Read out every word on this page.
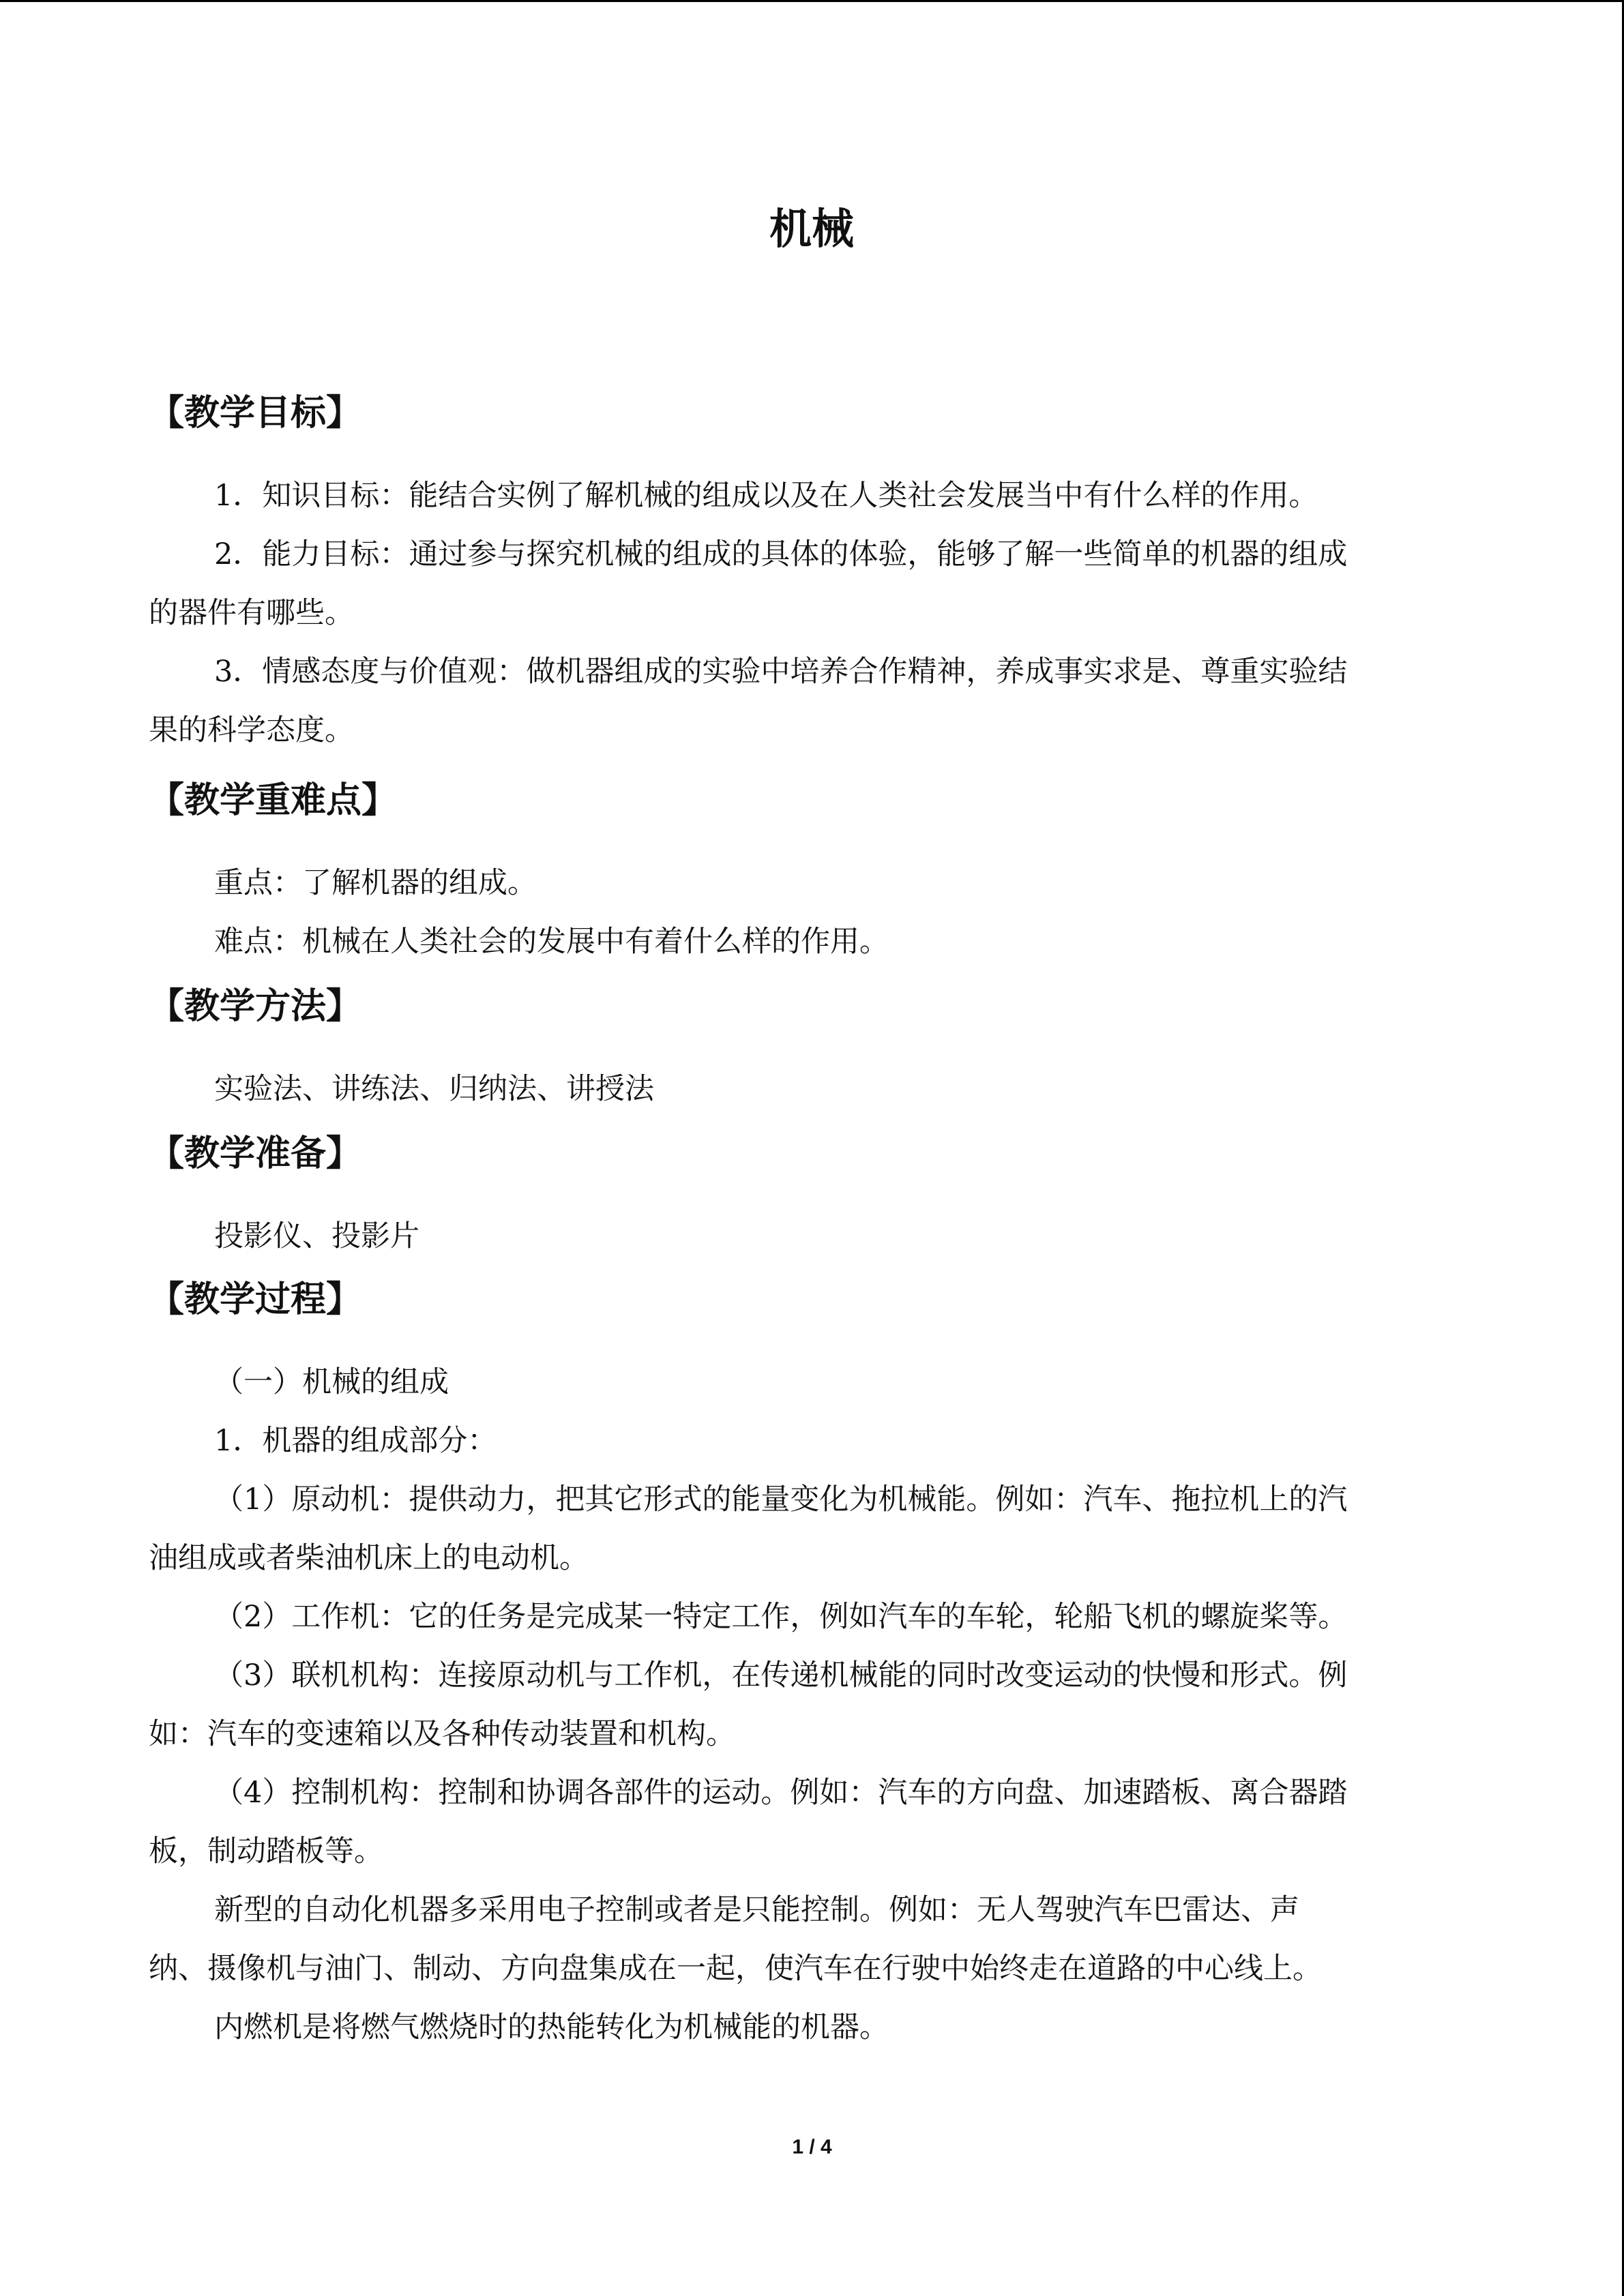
机械
【教学目标】
1．知识目标：能结合实例了解机械的组成以及在人类社会发展当中有什么样的作用。
2．能力目标：通过参与探究机械的组成的具体的体验，能够了解一些简单的机器的组成
的器件有哪些。
3．情感态度与价值观：做机器组成的实验中培养合作精神，养成事实求是、尊重实验结
果的科学态度。
【教学重难点】
重点：了解机器的组成。
难点：机械在人类社会的发展中有着什么样的作用。
【教学方法】
实验法、讲练法、归纳法、讲授法
【教学准备】
投影仪、投影片
【教学过程】
（一）机械的组成
1．机器的组成部分：
（1）原动机：提供动力，把其它形式的能量变化为机械能。例如：汽车、拖拉机上的汽
油组成或者柴油机床上的电动机。
（2）工作机：它的任务是完成某一特定工作，例如汽车的车轮，轮船飞机的螺旋桨等。
（3）联机机构：连接原动机与工作机，在传递机械能的同时改变运动的快慢和形式。例
如：汽车的变速箱以及各种传动装置和机构。
（4）控制机构：控制和协调各部件的运动。例如：汽车的方向盘、加速踏板、离合器踏
板，制动踏板等。
新型的自动化机器多采用电子控制或者是只能控制。例如：无人驾驶汽车巴雷达、声
纳、摄像机与油门、制动、方向盘集成在一起，使汽车在行驶中始终走在道路的中心线上。
内燃机是将燃气燃烧时的热能转化为机械能的机器。
1 / 4
